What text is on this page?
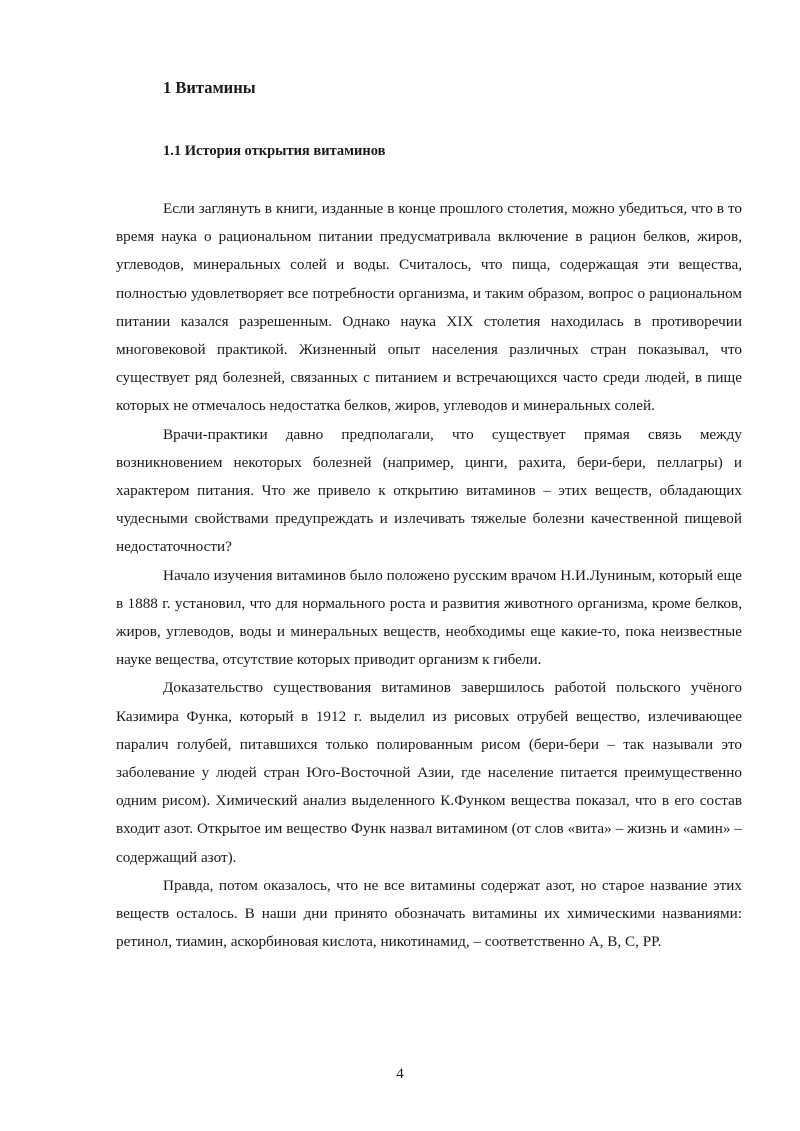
1 Витамины
1.1 История открытия витаминов

Если заглянуть в книги, изданные в конце прошлого столетия, можно убедиться, что в то время наука о рациональном питании предусматривала включение в рацион белков, жиров, углеводов, минеральных солей и воды. Считалось, что пища, содержащая эти вещества, полностью удовлетворяет все потребности организма, и таким образом, вопрос о рациональном питании казался разрешенным. Однако наука XIX столетия находилась в противоречии многовековой практикой. Жизненный опыт населения различных стран показывал, что существует ряд болезней, связанных с питанием и встречающихся часто среди людей, в пище которых не отмечалось недостатка белков, жиров, углеводов и минеральных солей.

Врачи-практики давно предполагали, что существует прямая связь между возникновением некоторых болезней (например, цинги, рахита, бери-бери, пеллагры) и характером питания. Что же привело к открытию витаминов – этих веществ, обладающих чудесными свойствами предупреждать и излечивать тяжелые болезни качественной пищевой недостаточности?

Начало изучения витаминов было положено русским врачом Н.И.Луниным, который еще в 1888 г. установил, что для нормального роста и развития животного организма, кроме белков, жиров, углеводов, воды и минеральных веществ, необходимы еще какие-то, пока неизвестные науке вещества, отсутствие которых приводит организм к гибели.

Доказательство существования витаминов завершилось работой польского учёного Казимира Функа, который в 1912 г. выделил из рисовых отрубей вещество, излечивающее паралич голубей, питавшихся только полированным рисом (бери-бери – так называли это заболевание у людей стран Юго-Восточной Азии, где население питается преимущественно одним рисом). Химический анализ выделенного К.Функом вещества показал, что в его состав входит азот. Открытое им вещество Функ назвал витамином (от слов «вита» – жизнь и «амин» – содержащий азот).

Правда, потом оказалось, что не все витамины содержат азот, но старое название этих веществ осталось. В наши дни принято обозначать витамины их химическими названиями: ретинол, тиамин, аскорбиновая кислота, никотинамид, – соответственно А, В, С, РР.

4
